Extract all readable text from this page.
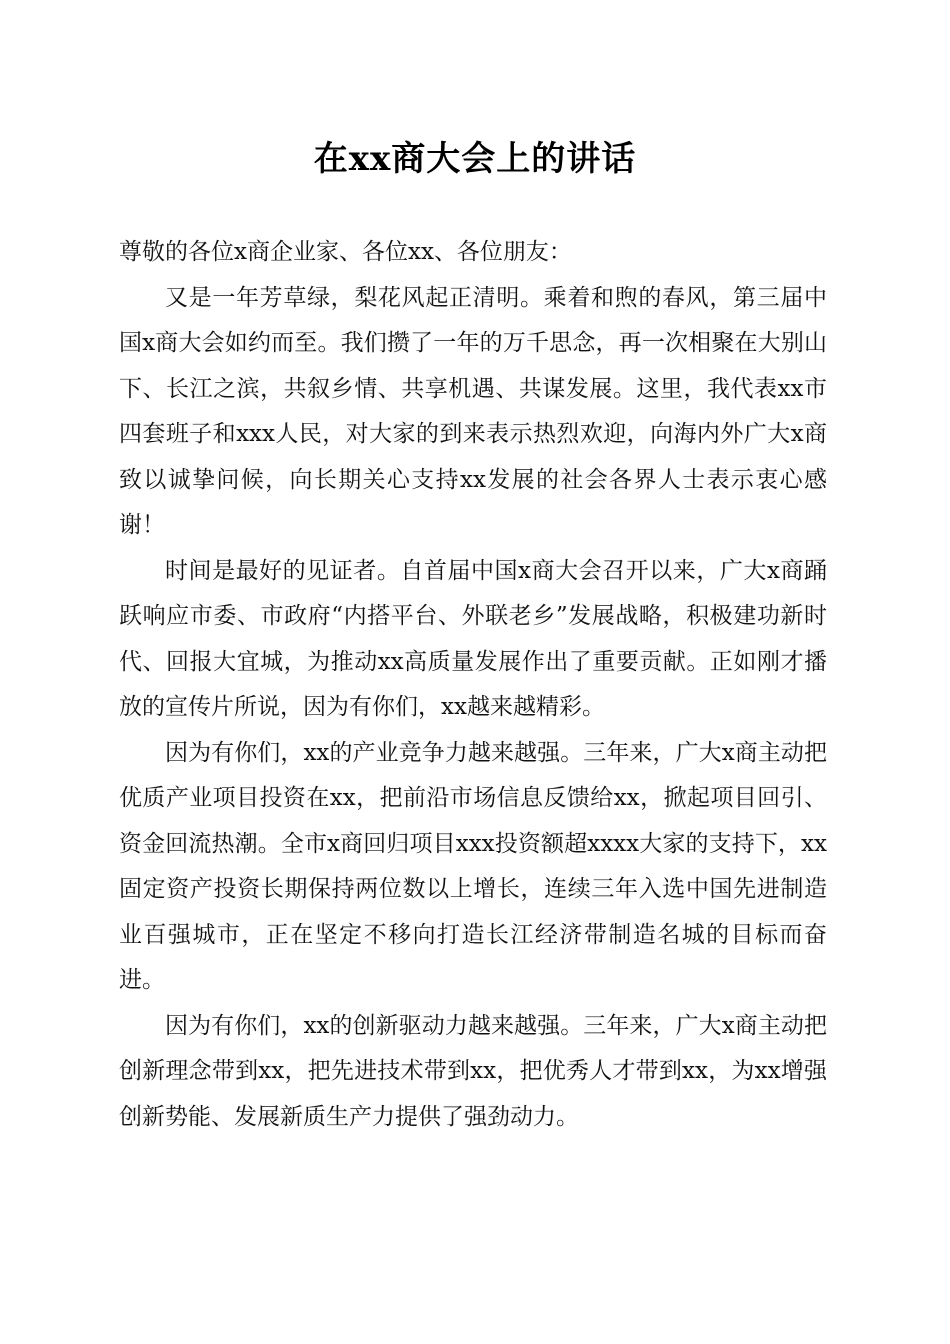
在xx商大会上的讲话

尊敬的各位x商企业家、各位xx、各位朋友：

又是一年芳草绿，梨花风起正清明。乘着和煦的春风，第三届中国x商大会如约而至。我们攒了一年的万千思念，再一次相聚在大别山下、长江之滨，共叙乡情、共享机遇、共谋发展。这里，我代表xx市四套班子和xxx人民，对大家的到来表示热烈欢迎，向海内外广大x商致以诚挚问候，向长期关心支持xx发展的社会各界人士表示衷心感谢！

时间是最好的见证者。自首届中国x商大会召开以来，广大x商踊跃响应市委、市政府“内搭平台、外联老乡”发展战略，积极建功新时代、回报大宜城，为推动xx高质量发展作出了重要贡献。正如刚才播放的宣传片所说，因为有你们，xx越来越精彩。

因为有你们，xx的产业竞争力越来越强。三年来，广大x商主动把优质产业项目投资在xx，把前沿市场信息反馈给xx，掀起项目回引、资金回流热潮。全市x商回归项目xxx投资额超xxxx大家的支持下，xx固定资产投资长期保持两位数以上增长，连续三年入选中国先进制造业百强城市，正在坚定不移向打造长江经济带制造名城的目标而奋进。

因为有你们，xx的创新驱动力越来越强。三年来，广大x商主动把创新理念带到xx，把先进技术带到xx，把优秀人才带到xx，为xx增强创新势能、发展新质生产力提供了强劲动力。
